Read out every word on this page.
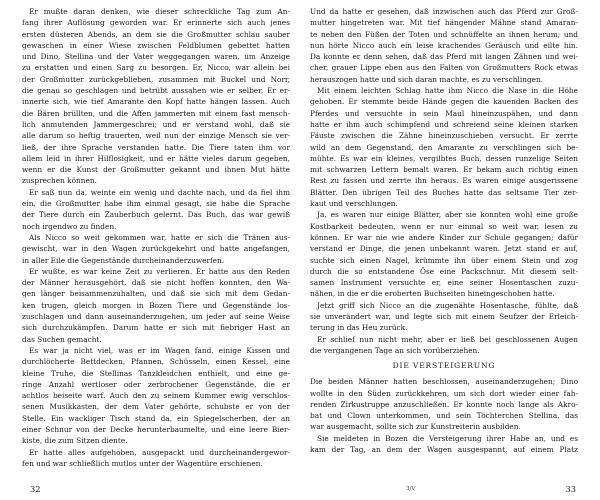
Er mußte daran denken, wie dieser schreckliche Tag zum An-
fang ihrer Auflösung geworden war. Er erinnerte sich auch jenes
ersten düsteren Abends, an dem sie die Großmutter schlau sauber
gewaschen in einer Wiese zwischen Feldblumen gebettet hatten
und Dino, Stellina und der Vater weggegangen waren, um Anzeige
zu erstatten und einen Sarg zu besorgen. Er, Nicco, war allein bei
der Großmutter zurückgeblieben, zusammen mit Buckel und Norr,
die genau so geschlagen und betrübt aussahen wie er selber. Er er-
innerte sich, wie tief Amarante den Kopf hatte hängen lassen. Auch
die Bären brüllten, und die Affen jammerten mit einem fast mensch-
lich anmutenden Jammergeschrei; und er verstand wohl, daß sie
alle darum so heftig trauerten, weil nun der einzige Mensch sie ver-
ließ, der ihre Sprache verstanden hatte. Die Tiere taten ihm vor
allem leid in ihrer Hilflosigkeit, und er hätte vieles darum gegeben,
wenn er die Kunst der Großmutter gekannt und ihnen Mut hätte
zusprechen können.
Er saß nun da, weinte ein wenig und dachte nach, und da fiel ihm
ein, die Großmutter habe ihm einmal gesagt, sie habe die Sprache
der Tiere durch ein Zauberbuch gelernt. Das Buch, das war gewiß
noch irgendwo zu finden.
Als Nicco so weit gekommen war, hatte er sich die Tränen aus-
gewischt, war in den Wagen zurückgekehrt und hatte angefangen,
in aller Eile die Gegenstände durcheinanderzuwerfen.
Er wußte, es war keine Zeit zu verlieren. Er hatte aus den Reden
der Männer herausgehört, daß sie nicht hoffen konnten, den Wa-
gen länger beisammenzuhalten, und daß sie sich mit dem Gedan-
ken trugen, gleich morgen in Bozen Tiere und Gegenstände los-
zuschlagen und dann auseinanderzugehen, um jeder auf seine Weise
sich durchzukämpfen. Darum hatte er sich mit fiebriger Hast an
das Suchen gemacht.
Es war ja nicht viel, was er im Wagen fand, einige Kissen und
durchlöcherte Bettdecken, Pfannen, Schüsseln, einen Kessel, eine
kleine Truhe, die Stellinas Tanzkleidchen enthielt, und eine ge-
ringe Anzahl wertloser oder zerbrochener Gegenstände, die er
achtlos beiseite warf. Auch den zu seinem Kummer ewig verschlos-
senen Musikkasten, der dem Vater gehörte, schubste er von der
Stelle. Ein wackliger Tisch stand da, ein Spiegelscherben, der an
einer Schnur von der Decke herunterbaumelte, und eine leere Bier-
kiste, die zum Sitzen diente.
Er hatte alles aufgehoben, ausgepackt und durcheinandergewor-
fen und war schließlich mutlos unter der Wagentüre erschienen.
32
Und da hatte er gesehen, daß inzwischen auch das Pferd zur Groß-
mutter hingetreten war. Mit tief hängender Mähne stand Amaran-
te neben den Füßen der Toten und schnüffelte an ihnen herum; und
nun hörte Nicco auch ein leise krachendes Geräusch und eilte hin.
Da konnte er denn sehen, daß das Pferd mit langen Zähnen und wei-
cher, grauer Lippe eben aus den Falten von Großmutters Rock etwas
herauszogen hatte und sich daran machte, es zu verschlingen.
Mit einem leichten Schlag hatte ihm Nicco die Nase in die Höhe
gehoben. Er stemmte beide Hände gegen die kauenden Backen des
Pferdes und versuchte in sein Maul hineinzuspähen, und dann
hatte er ihm auch schimpfend und schreiend seine kleinen starken
Fäuste zwischen die Zähne hineinzuschieben versucht. Er zerrte
wild an dem Gegenstand, den Amarante zu verschlingen sich be-
mühte. Es war ein kleines, vergilbtes Buch, dessen runzelige Seiten
mit schwarzen Lettern bemalt waren. Er bekam auch richtig einen
Rest zu fassen und zerrte ihn heraus. Es waren einige ausgerissene
Blätter. Den übrigen Teil des Buches hatte das seltsame Tier zer-
kaut und verschlungen.
Ja, es waren nur einige Blätter, aber sie konnten wohl eine große
Kostbarkeit bedeuten, wenn er nur einmal so weit war, lesen zu
können. Er war nie wie andere Kinder zur Schule gegangen; dafür
verstand er Dinge, die jenen unbekannt waren. Jetzt stand er auf,
suchte sich einen Nagel, krümmte ihn über einem Stein und zog
durch die so entstandene Öse eine Packschnur. Mit diesem selt-
samen Instrument versuchte er, eine seiner Hosentaschen zuzu-
nähen, in die er die eroberten Buchseiten hineingeschoben hatte.
Jetzt griff sich Nicco an die zugenähte Hosentasche, fühlte, daß
sie unverändert war, und legte sich mit einem Seufzer der Erleich-
terung in das Heu zurück.
Er schlief nun nicht mehr, aber er ließ bei geschlossenen Augen
die vergangenen Tage an sich vorüberziehen.
DIE VERSTEIGERUNG
Die beiden Männer hatten beschlossen, auseinanderzugehen; Dino
wollte in den Süden zurückkehren, um sich dort wieder einer fah-
renden Zirkustruppe anzuschließen. Er konnte noch lange als Akro-
bat und Clown unterkommen, und sein Töchterchen Stellina, das
war ausgemacht, sollte sich zur Kunstreiterin ausbilden.
Sie meldeten in Bozen die Versteigerung ihrer Habe an, und es
kam der Tag, an dem der Wagen ausgespannt, auf einem Platz
3/V	33
